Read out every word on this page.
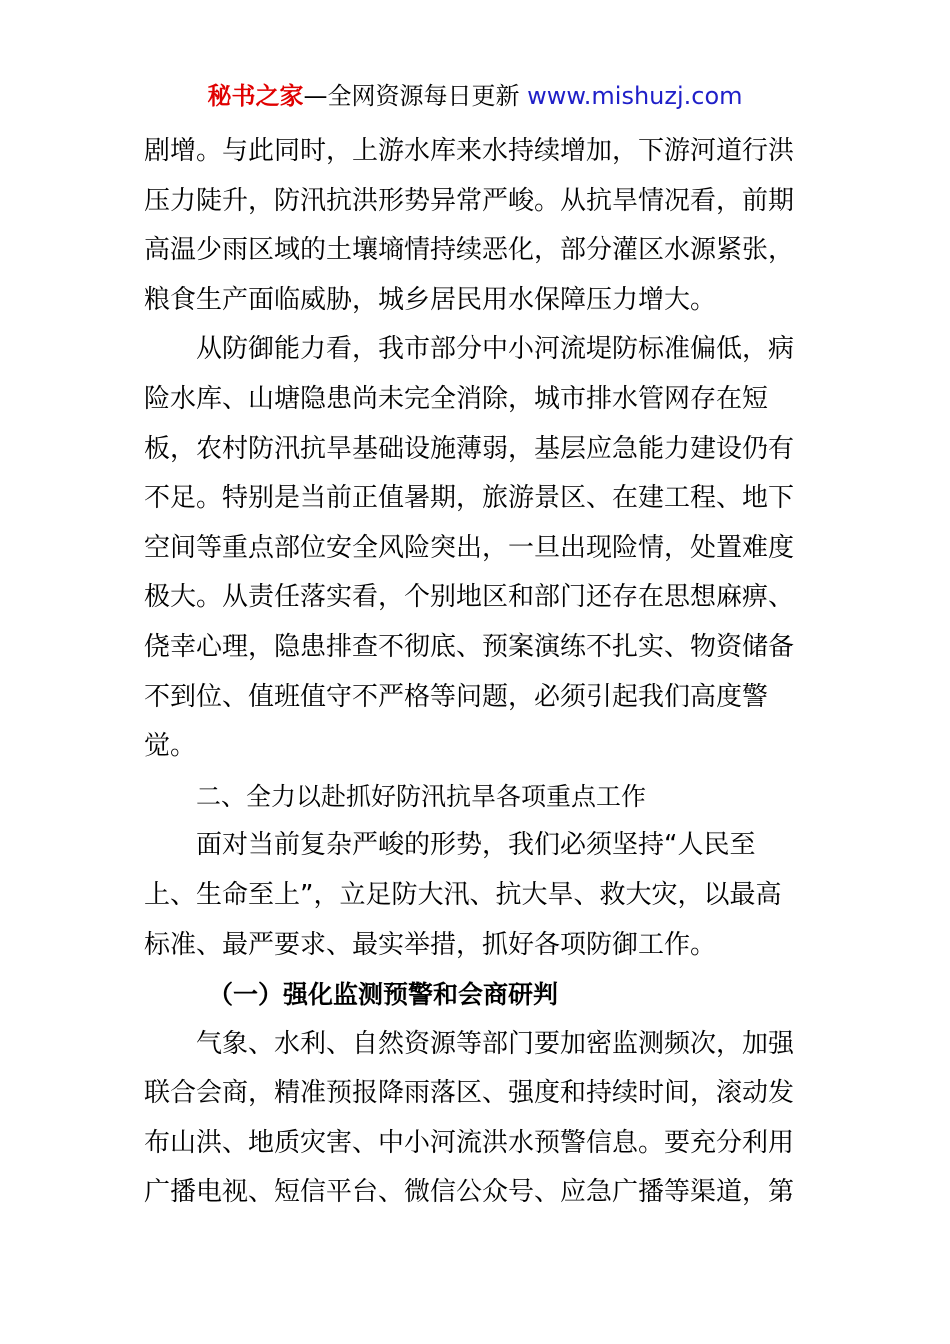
秘书之家—全网资源每日更新 www.mishuzj.com
剧增。与此同时，上游水库来水持续增加，下游河道行洪
压力陡升，防汛抗洪形势异常严峻。从抗旱情况看，前期
高温少雨区域的土壤墒情持续恶化，部分灌区水源紧张，
粮食生产面临威胁，城乡居民用水保障压力增大。
从防御能力看，我市部分中小河流堤防标准偏低，病
险水库、山塘隐患尚未完全消除，城市排水管网存在短
板，农村防汛抗旱基础设施薄弱，基层应急能力建设仍有
不足。特别是当前正值暑期，旅游景区、在建工程、地下
空间等重点部位安全风险突出，一旦出现险情，处置难度
极大。从责任落实看，个别地区和部门还存在思想麻痹、
侥幸心理，隐患排查不彻底、预案演练不扎实、物资储备
不到位、值班值守不严格等问题，必须引起我们高度警
觉。
二、全力以赴抓好防汛抗旱各项重点工作
面对当前复杂严峻的形势，我们必须坚持“人民至
上、生命至上”，立足防大汛、抗大旱、救大灾，以最高
标准、最严要求、最实举措，抓好各项防御工作。
（一）强化监测预警和会商研判
气象、水利、自然资源等部门要加密监测频次，加强
联合会商，精准预报降雨落区、强度和持续时间，滚动发
布山洪、地质灾害、中小河流洪水预警信息。要充分利用
广播电视、短信平台、微信公众号、应急广播等渠道，第
